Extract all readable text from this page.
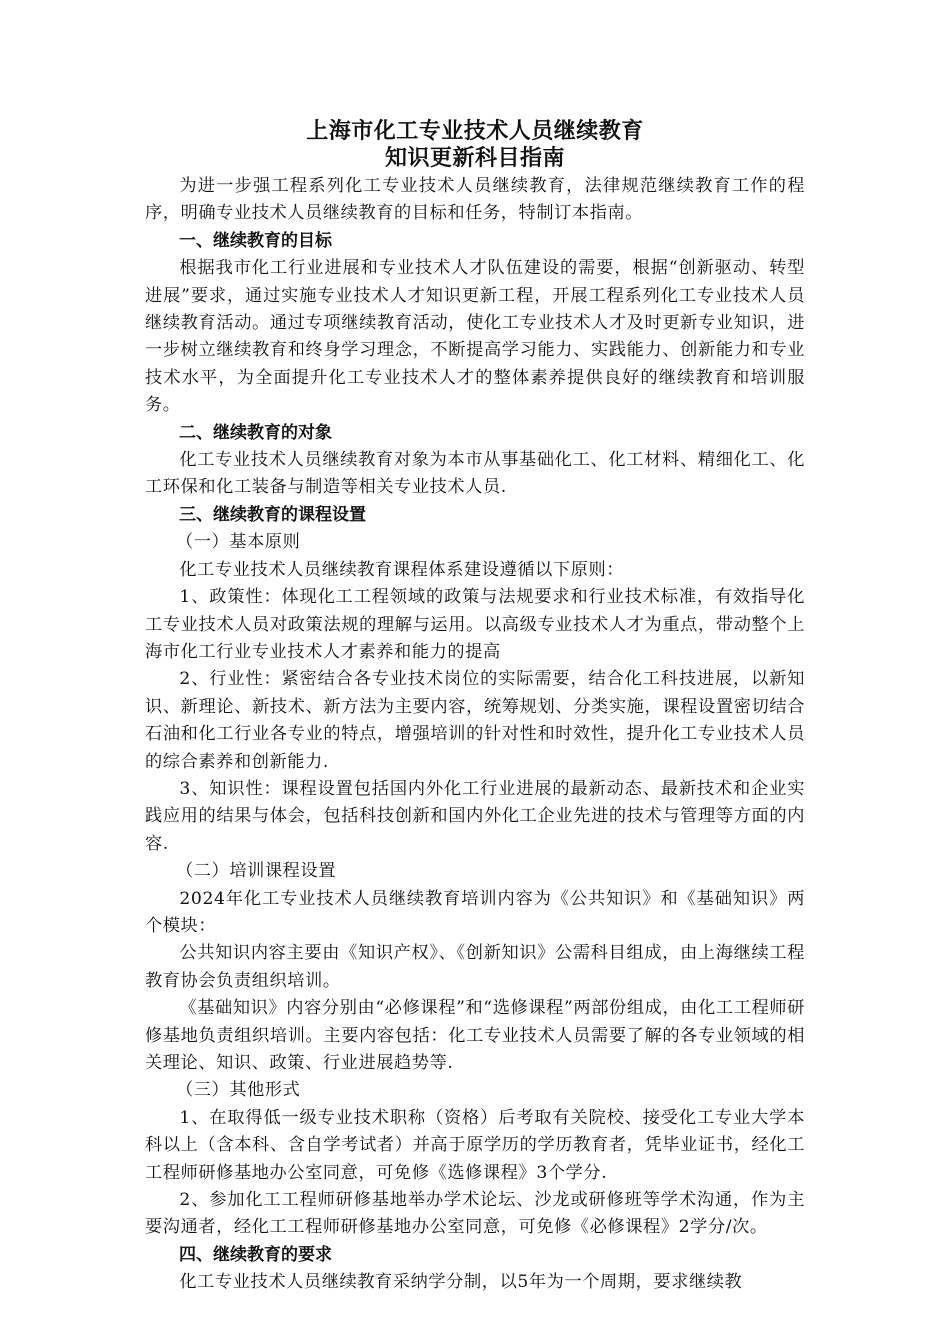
上海市化工专业技术人员继续教育
知识更新科目指南

为进一步强工程系列化工专业技术人员继续教育，法律规范继续教育工作的程序，明确专业技术人员继续教育的目标和任务，特制订本指南。

一、继续教育的目标

根据我市化工行业进展和专业技术人才队伍建设的需要，根据“创新驱动、转型进展”要求，通过实施专业技术人才知识更新工程，开展工程系列化工专业技术人员继续教育活动。通过专项继续教育活动，使化工专业技术人才及时更新专业知识，进一步树立继续教育和终身学习理念，不断提高学习能力、实践能力、创新能力和专业技术水平，为全面提升化工专业技术人才的整体素养提供良好的继续教育和培训服务。

二、继续教育的对象

化工专业技术人员继续教育对象为本市从事基础化工、化工材料、精细化工、化工环保和化工装备与制造等相关专业技术人员.

三、继续教育的课程设置

（一）基本原则

化工专业技术人员继续教育课程体系建设遵循以下原则：

1、政策性：体现化工工程领域的政策与法规要求和行业技术标准，有效指导化工专业技术人员对政策法规的理解与运用。以高级专业技术人才为重点，带动整个上海市化工行业专业技术人才素养和能力的提高

2、行业性：紧密结合各专业技术岗位的实际需要，结合化工科技进展，以新知识、新理论、新技术、新方法为主要内容，统筹规划、分类实施，课程设置密切结合石油和化工行业各专业的特点，增强培训的针对性和时效性，提升化工专业技术人员的综合素养和创新能力.

3、知识性：课程设置包括国内外化工行业进展的最新动态、最新技术和企业实践应用的结果与体会，包括科技创新和国内外化工企业先进的技术与管理等方面的内容.

（二）培训课程设置

2024年化工专业技术人员继续教育培训内容为《公共知识》和《基础知识》两个模块：

公共知识内容主要由《知识产权》、《创新知识》公需科目组成，由上海继续工程教育协会负责组织培训。

《基础知识》内容分别由“必修课程”和“选修课程”两部份组成，由化工工程师研修基地负责组织培训。主要内容包括：化工专业技术人员需要了解的各专业领域的相关理论、知识、政策、行业进展趋势等.

（三）其他形式

1、在取得低一级专业技术职称（资格）后考取有关院校、接受化工专业大学本科以上（含本科、含自学考试者）并高于原学历的学历教育者，凭毕业证书，经化工工程师研修基地办公室同意，可免修《选修课程》3个学分.

2、参加化工工程师研修基地举办学术论坛、沙龙或研修班等学术沟通，作为主要沟通者，经化工工程师研修基地办公室同意，可免修《必修课程》2学分/次。

四、继续教育的要求

化工专业技术人员继续教育采纳学分制，以5年为一个周期，要求继续教
